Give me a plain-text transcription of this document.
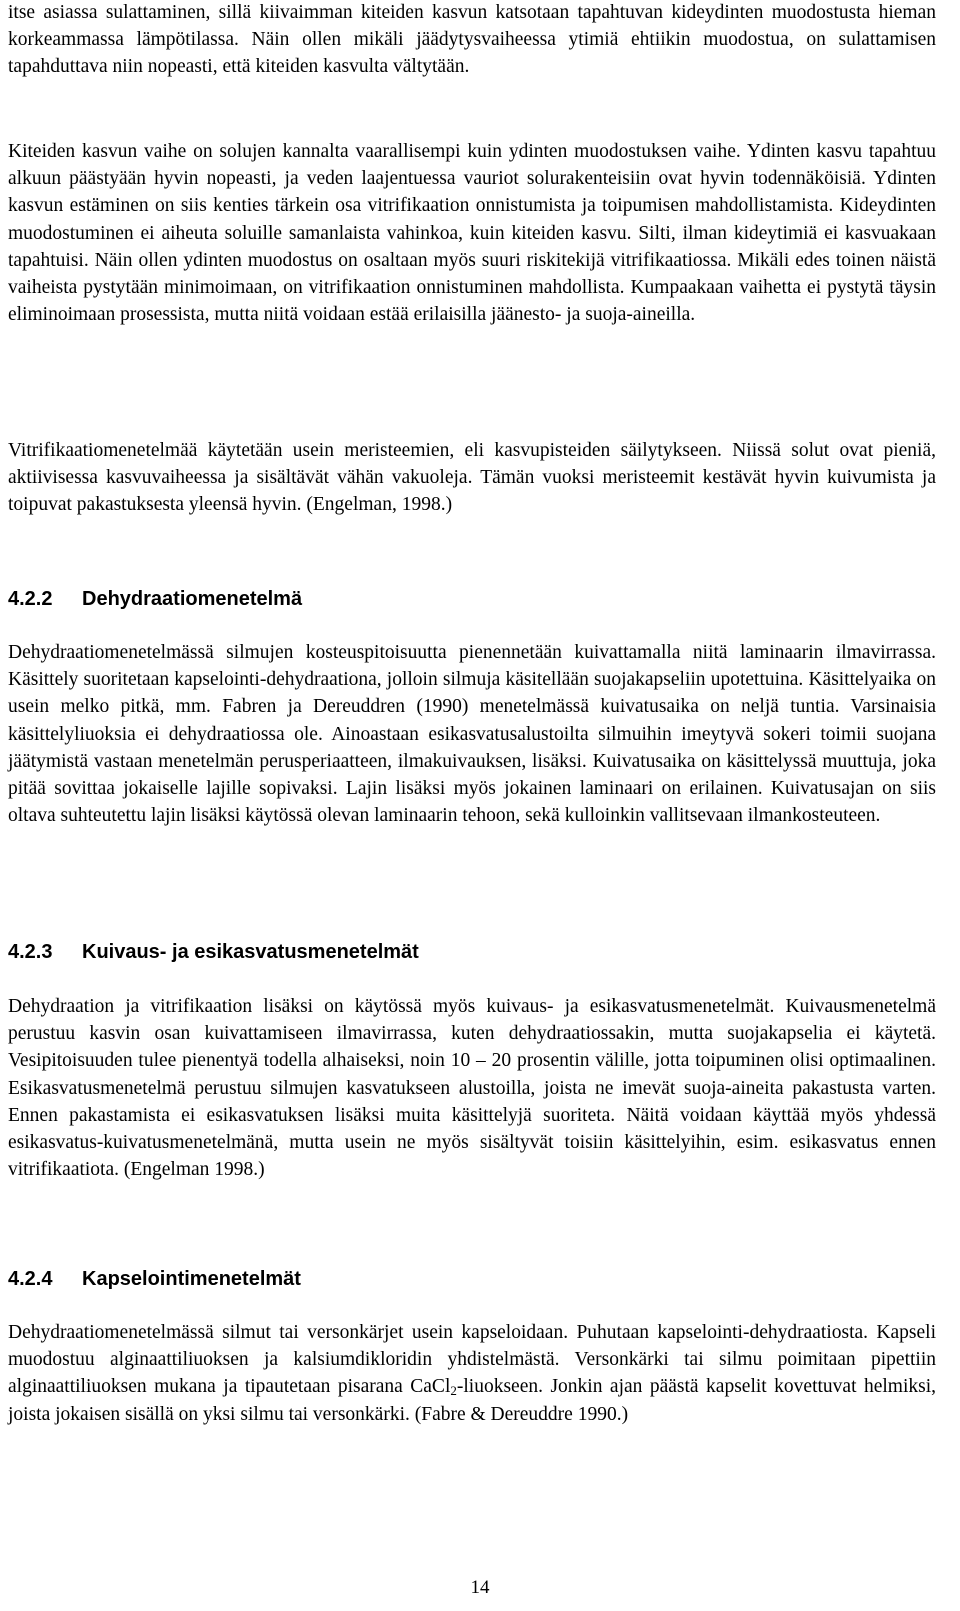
itse asiassa sulattaminen, sillä kiivaimman kiteiden kasvun katsotaan tapahtuvan kideydinten muodostusta hieman korkeammassa lämpötilassa. Näin ollen mikäli jäädytysvaiheessa ytimiä ehtiikin muodostua, on sulattamisen tapahduttava niin nopeasti, että kiteiden kasvulta vältytään.

Kiteiden kasvun vaihe on solujen kannalta vaarallisempi kuin ydinten muodostuksen vaihe. Ydinten kasvu tapahtuu alkuun päästyään hyvin nopeasti, ja veden laajentuessa vauriot solurakenteisiin ovat hyvin todennäköisiä. Ydinten kasvun estäminen on siis kenties tärkein osa vitrifikaation onnistumista ja toipumisen mahdollistamista. Kideydinten muodostuminen ei aiheuta soluille samanlaista vahinkoa, kuin kiteiden kasvu. Silti, ilman kideytimiä ei kasvuakaan tapahtuisi. Näin ollen ydinten muodostus on osaltaan myös suuri riskitekijä vitrifikaatiossa. Mikäli edes toinen näistä vaiheista pystytään minimoimaan, on vitrifikaation onnistuminen mahdollista. Kumpaakaan vaihetta ei pystytä täysin eliminoimaan prosessista, mutta niitä voidaan estää erilaisilla jäänesto- ja suoja-aineilla.

Vitrifikaatiomenetelmää käytetään usein meristeemien, eli kasvupisteiden säilytykseen. Niissä solut ovat pieniä, aktiivisessa kasvuvaiheessa ja sisältävät vähän vakuoleja. Tämän vuoksi meristeemit kestävät hyvin kuivumista ja toipuvat pakastuksesta yleensä hyvin. (Engelman, 1998.)

4.2.2 Dehydraatiomenetelmä

Dehydraatiomenetelmässä silmujen kosteuspitoisuutta pienennetään kuivattamalla niitä laminaarin ilmavirrassa. Käsittely suoritetaan kapselointi-dehydraationa, jolloin silmuja käsitellään suojakapseliin upotettuina. Käsittelyaika on usein melko pitkä, mm. Fabren ja Dereuddren (1990) menetelmässä kuivatusaika on neljä tuntia. Varsinaisia käsittelyliuoksia ei dehydraatiossa ole. Ainoastaan esikasvatusalustoilta silmuihin imeytyvä sokeri toimii suojana jäätymistä vastaan menetelmän perusperiaatteen, ilmakuivauksen, lisäksi. Kuivatusaika on käsittelyssä muuttuja, joka pitää sovittaa jokaiselle lajille sopivaksi. Lajin lisäksi myös jokainen laminaari on erilainen. Kuivatusajan on siis oltava suhteutettu lajin lisäksi käytössä olevan laminaarin tehoon, sekä kulloinkin vallitsevaan ilmankosteuteen.

4.2.3 Kuivaus- ja esikasvatusmenetelmät

Dehydraation ja vitrifikaation lisäksi on käytössä myös kuivaus- ja esikasvatusmenetelmät. Kuivausmenetelmä perustuu kasvin osan kuivattamiseen ilmavirrassa, kuten dehydraatiossakin, mutta suojakapselia ei käytetä. Vesipitoisuuden tulee pienentyä todella alhaiseksi, noin 10 – 20 prosentin välille, jotta toipuminen olisi optimaalinen. Esikasvatusmenetelmä perustuu silmujen kasvatukseen alustoilla, joista ne imevät suoja-aineita pakastusta varten. Ennen pakastamista ei esikasvatuksen lisäksi muita käsittelyjä suoriteta. Näitä voidaan käyttää myös yhdessä esikasvatus-kuivatusmenetelmänä, mutta usein ne myös sisältyvät toisiin käsittelyihin, esim. esikasvatus ennen vitrifikaatiota. (Engelman 1998.)

4.2.4 Kapselointimenetelmät

Dehydraatiomenetelmässä silmut tai versonkärjet usein kapseloidaan. Puhutaan kapselointi-dehydraatiosta. Kapseli muodostuu alginaattiliuoksen ja kalsiumdikloridin yhdistelmästä. Versonkärki tai silmu poimitaan pipettiin alginaattiliuoksen mukana ja tipautetaan pisarana CaCl$_2$-liuokseen. Jonkin ajan päästä kapselit kovettuvat helmiksi, joista jokaisen sisällä on yksi silmu tai versonkärki. (Fabre & Dereuddre 1990.)

14
